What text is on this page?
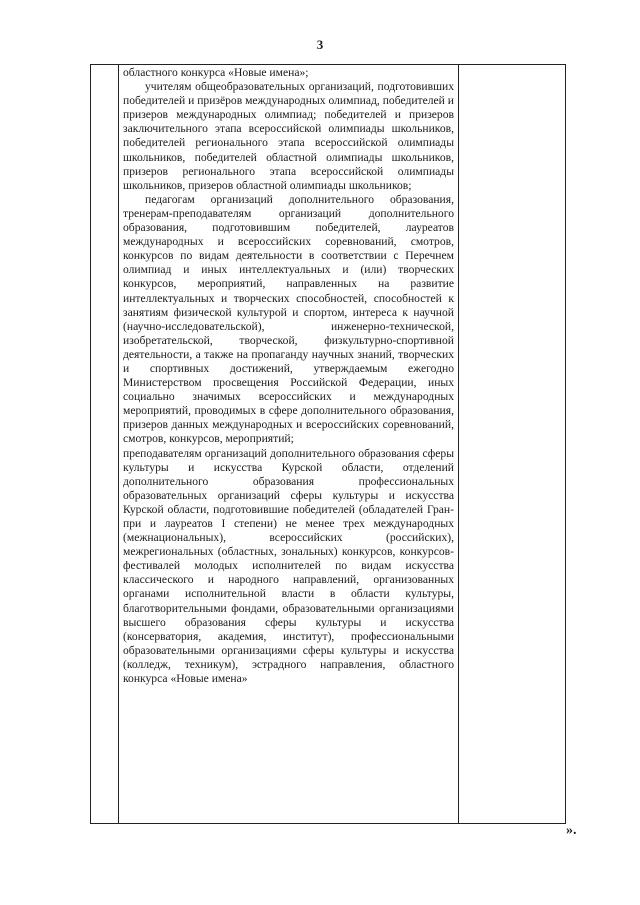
3

областного конкурса «Новые имена»;

учителям общеобразовательных организаций, подготовивших победителей и призёров международных олимпиад, победителей и призеров международных олимпиад; победителей и призеров заключительного этапа всероссийской олимпиады школьников, победителей регионального этапа всероссийской олимпиады школьников, победителей областной олимпиады школьников, призеров регионального этапа всероссийской олимпиады школьников, призеров областной олимпиады школьников;

педагогам организаций дополнительного образования, тренерам-преподавателям организаций дополнительного образования, подготовившим победителей, лауреатов международных и всероссийских соревнований, смотров, конкурсов по видам деятельности в соответствии с Перечнем олимпиад и иных интеллектуальных и (или) творческих конкурсов, мероприятий, направленных на развитие интеллектуальных и творческих способностей, способностей к занятиям физической культурой и спортом, интереса к научной (научно-исследовательской), инженерно-технической, изобретательской, творческой, физкультурно-спортивной деятельности, а также на пропаганду научных знаний, творческих и спортивных достижений, утверждаемым ежегодно Министерством просвещения Российской Федерации, иных социально значимых всероссийских и международных мероприятий, проводимых в сфере дополнительного образования, призеров данных международных и всероссийских соревнований, смотров, конкурсов, мероприятий;

преподавателям организаций дополнительного образования сферы культуры и искусства Курской области, отделений дополнительного образования профессиональных образовательных организаций сферы культуры и искусства Курской области, подготовившие победителей (обладателей Гран-при и лауреатов I степени) не менее трех международных (межнациональных), всероссийских (российских), межрегиональных (областных, зональных) конкурсов, конкурсов-фестивалей молодых исполнителей по видам искусства классического и народного направлений, организованных органами исполнительной власти в области культуры, благотворительными фондами, образовательными организациями высшего образования сферы культуры и искусства (консерватория, академия, институт), профессиональными образовательными организациями сферы культуры и искусства (колледж, техникум), эстрадного направления, областного конкурса «Новые имена»

».
